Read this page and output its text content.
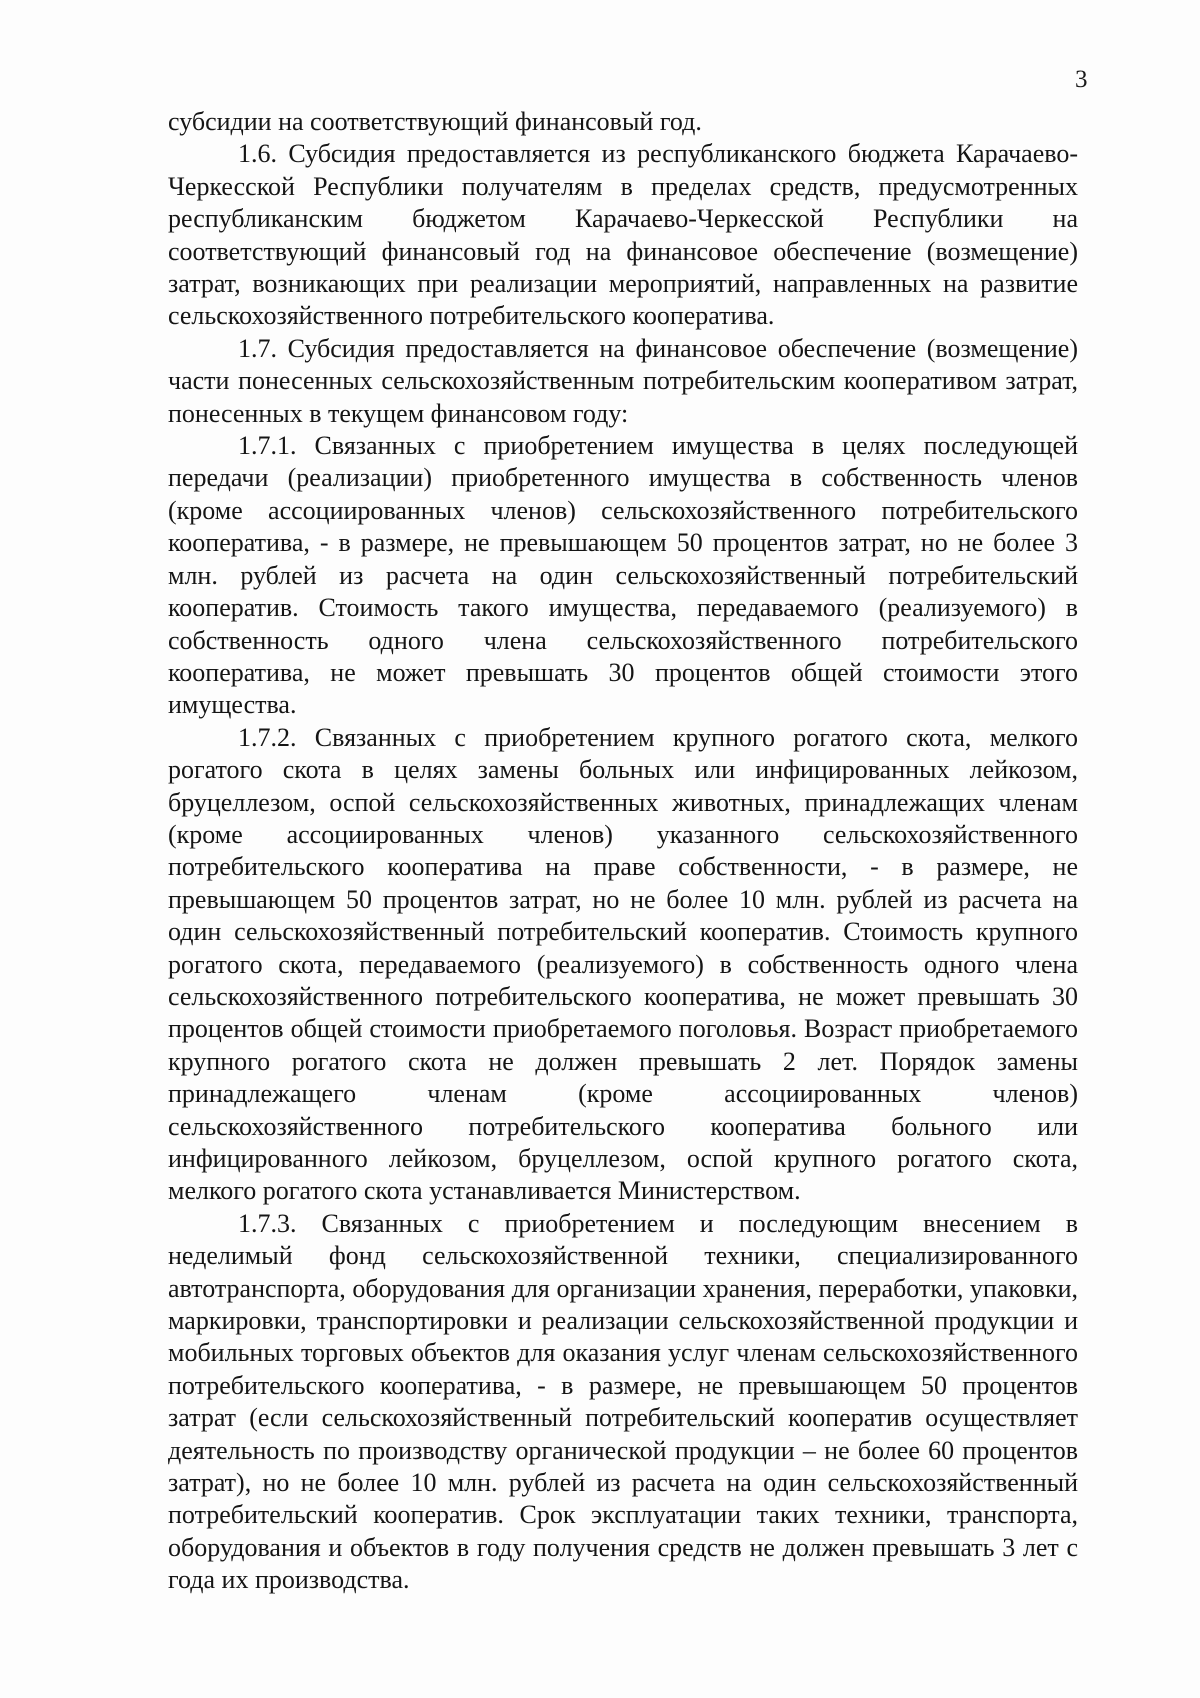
3

субсидии на соответствующий финансовый год.

1.6. Субсидия предоставляется из республиканского бюджета Карачаево-Черкесской Республики получателям в пределах средств, предусмотренных республиканским бюджетом Карачаево-Черкесской Республики на соответствующий финансовый год на финансовое обеспечение (возмещение) затрат, возникающих при реализации мероприятий, направленных на развитие сельскохозяйственного потребительского кооператива.

1.7. Субсидия предоставляется на финансовое обеспечение (возмещение) части понесенных сельскохозяйственным потребительским кооперативом затрат, понесенных в текущем финансовом году:

1.7.1. Связанных с приобретением имущества в целях последующей передачи (реализации) приобретенного имущества в собственность членов (кроме ассоциированных членов) сельскохозяйственного потребительского кооператива, - в размере, не превышающем 50 процентов затрат, но не более 3 млн. рублей из расчета на один сельскохозяйственный потребительский кооператив. Стоимость такого имущества, передаваемого (реализуемого) в собственность одного члена сельскохозяйственного потребительского кооператива, не может превышать 30 процентов общей стоимости этого имущества.

1.7.2. Связанных с приобретением крупного рогатого скота, мелкого рогатого скота в целях замены больных или инфицированных лейкозом, бруцеллезом, оспой сельскохозяйственных животных, принадлежащих членам (кроме ассоциированных членов) указанного сельскохозяйственного потребительского кооператива на праве собственности, - в размере, не превышающем 50 процентов затрат, но не более 10 млн. рублей из расчета на один сельскохозяйственный потребительский кооператив. Стоимость крупного рогатого скота, передаваемого (реализуемого) в собственность одного члена сельскохозяйственного потребительского кооператива, не может превышать 30 процентов общей стоимости приобретаемого поголовья. Возраст приобретаемого крупного рогатого скота не должен превышать 2 лет. Порядок замены принадлежащего членам (кроме ассоциированных членов) сельскохозяйственного потребительского кооператива больного или инфицированного лейкозом, бруцеллезом, оспой крупного рогатого скота, мелкого рогатого скота устанавливается Министерством.

1.7.3. Связанных с приобретением и последующим внесением в неделимый фонд сельскохозяйственной техники, специализированного автотранспорта, оборудования для организации хранения, переработки, упаковки, маркировки, транспортировки и реализации сельскохозяйственной продукции и мобильных торговых объектов для оказания услуг членам сельскохозяйственного потребительского кооператива, - в размере, не превышающем 50 процентов затрат (если сельскохозяйственный потребительский кооператив осуществляет деятельность по производству органической продукции – не более 60 процентов затрат), но не более 10 млн. рублей из расчета на один сельскохозяйственный потребительский кооператив. Срок эксплуатации таких техники, транспорта, оборудования и объектов в году получения средств не должен превышать 3 лет с года их производства.
